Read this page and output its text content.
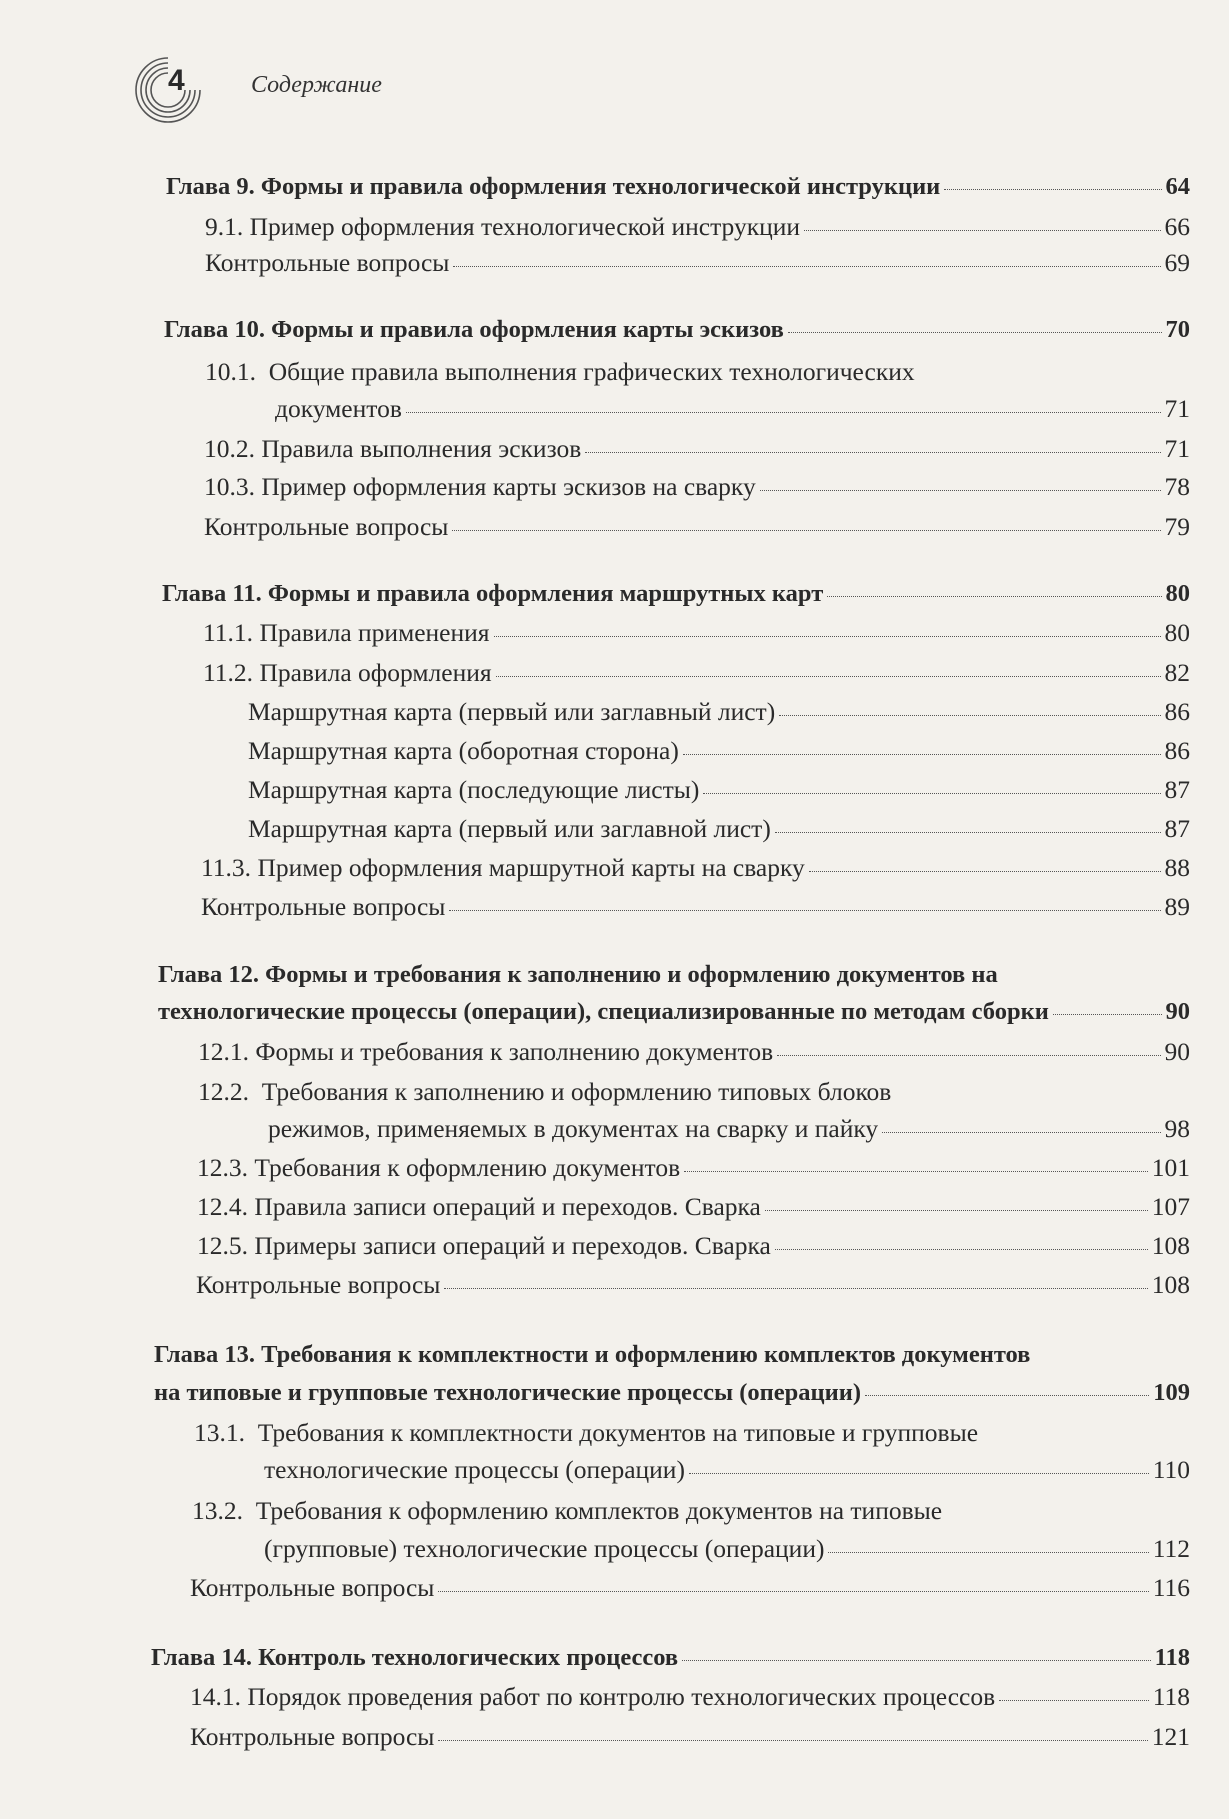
4	Содержание
Глава 9. Формы и правила оформления технологической инструкции	64
9.1.
Пример оформления технологической инструкции	66
Контрольные вопросы	69
Глава 10. Формы и правила оформления карты эскизов	70
10.1. Общие правила выполнения графических технологических
документов	71
10.2.
Правила выполнения эскизов	71
10.3.
Пример оформления карты эскизов на сварку	78
Контрольные вопросы	79
Глава 11. Формы и правила оформления маршрутных карт	80
11.1.
Правила применения	80
11.2.
Правила оформления	82
Маршрутная карта (первый или заглавный лист)	86
Маршрутная карта (оборотная сторона)	86
Маршрутная карта (последующие листы)	87
Маршрутная карта (первый или заглавной лист)	87
11.3.
Пример оформления маршрутной карты на сварку	88
Контрольные вопросы	89
Глава 12. Формы и требования к заполнению и оформлению документов на
технологические процессы (операции), специализированные по методам сборки	90
12.1.
Формы и требования к заполнению документов	90
12.2. Требования к заполнению и оформлению типовых блоков
режимов, применяемых в документах на сварку и пайку	98
12.3.
Требования к оформлению документов	101
12.4.
Правила записи операций и переходов. Сварка	107
12.5.
Примеры записи операций и переходов. Сварка	108
Контрольные вопросы	108
Глава 13. Требования к комплектности и оформлению комплектов документов
на типовые и групповые технологические процессы (операции)	109
13.1. Требования к комплектности документов на типовые и групповые
технологические процессы (операции)	110
13.2. Требования к оформлению комплектов документов на типовые
(групповые) технологические процессы (операции)	112
Контрольные вопросы	116
Глава 14. Контроль технологических процессов	118
14.1.
Порядок проведения работ по контролю технологических процессов	118
Контрольные вопросы	121
